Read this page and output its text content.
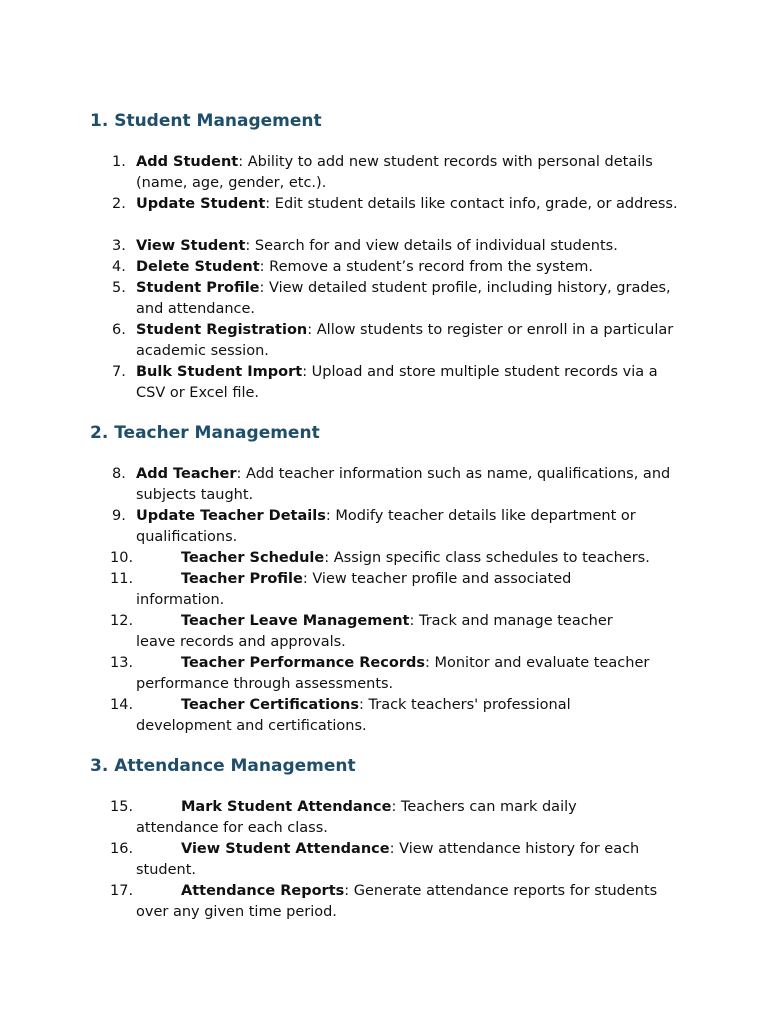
1. Student Management
1. Add Student: Ability to add new student records with personal details (name, age, gender, etc.).
2. Update Student: Edit student details like contact info, grade, or address.
3. View Student: Search for and view details of individual students.
4. Delete Student: Remove a student’s record from the system.
5. Student Profile: View detailed student profile, including history, grades, and attendance.
6. Student Registration: Allow students to register or enroll in a particular academic session.
7. Bulk Student Import: Upload and store multiple student records via a CSV or Excel file.
2. Teacher Management
8. Add Teacher: Add teacher information such as name, qualifications, and subjects taught.
9. Update Teacher Details: Modify teacher details like department or qualifications.
10.	Teacher Schedule: Assign specific class schedules to teachers.
11.	Teacher Profile: View teacher profile and associated
information.
12.	Teacher Leave Management: Track and manage teacher
leave records and approvals.
13.	Teacher Performance Records: Monitor and evaluate teacher
performance through assessments.
14.	Teacher Certifications: Track teachers' professional
development and certifications.
3. Attendance Management
15.	Mark Student Attendance: Teachers can mark daily
attendance for each class.
16.	View Student Attendance: View attendance history for each
student.
17.	Attendance Reports: Generate attendance reports for students
over any given time period.
